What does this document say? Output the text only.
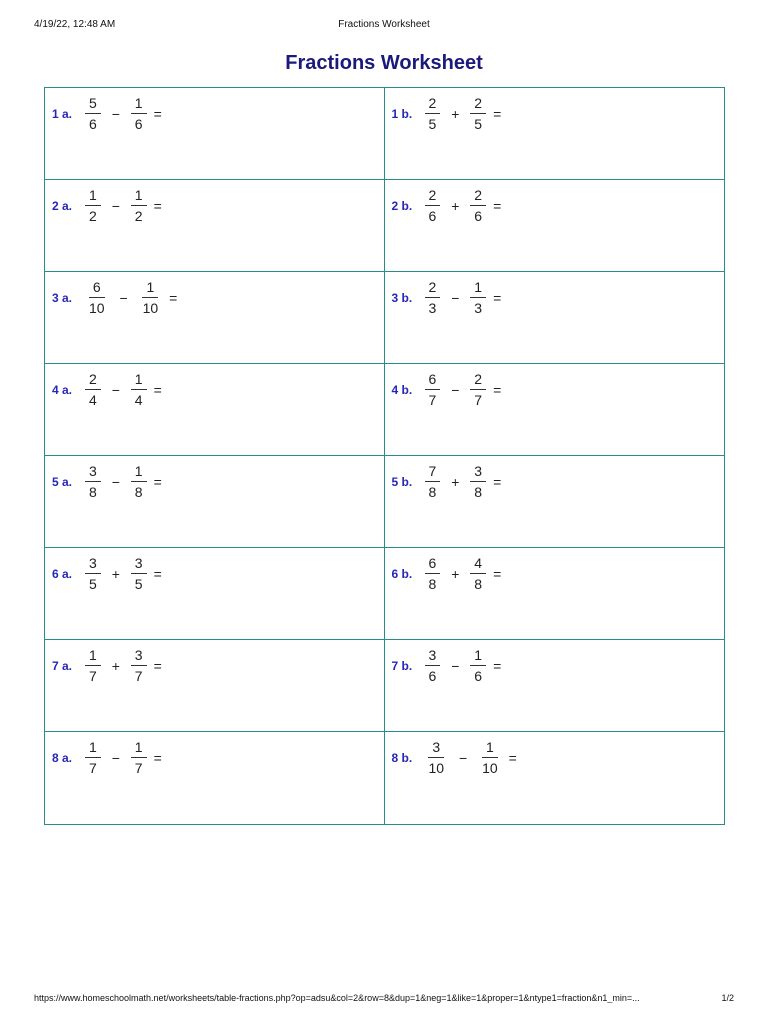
4/19/22, 12:48 AM	Fractions Worksheet
Fractions Worksheet
1 a. $\frac{5}{6} - \frac{1}{6}$ =	1 b. $\frac{2}{5} + \frac{2}{5}$ =
2 a. $\frac{1}{2} - \frac{1}{2}$ =	2 b. $\frac{2}{6} + \frac{2}{6}$ =
3 a. $\frac{6}{10} - \frac{1}{10}$ =	3 b. $\frac{2}{3} - \frac{1}{3}$ =
4 a. $\frac{2}{4} - \frac{1}{4}$ =	4 b. $\frac{6}{7} - \frac{2}{7}$ =
5 a. $\frac{3}{8} - \frac{1}{8}$ =	5 b. $\frac{7}{8} + \frac{3}{8}$ =
6 a. $\frac{3}{5} + \frac{3}{5}$ =	6 b. $\frac{6}{8} + \frac{4}{8}$ =
7 a. $\frac{1}{7} + \frac{3}{7}$ =	7 b. $\frac{3}{6} - \frac{1}{6}$ =
8 a. $\frac{1}{7} - \frac{1}{7}$ =	8 b. $\frac{3}{10} - \frac{1}{10}$ =
https://www.homeschoolmath.net/worksheets/table-fractions.php?op=adsu&col=2&row=8&dup=1&neg=1&like=1&proper=1&ntype1=fraction&n1_min=...	1/2
